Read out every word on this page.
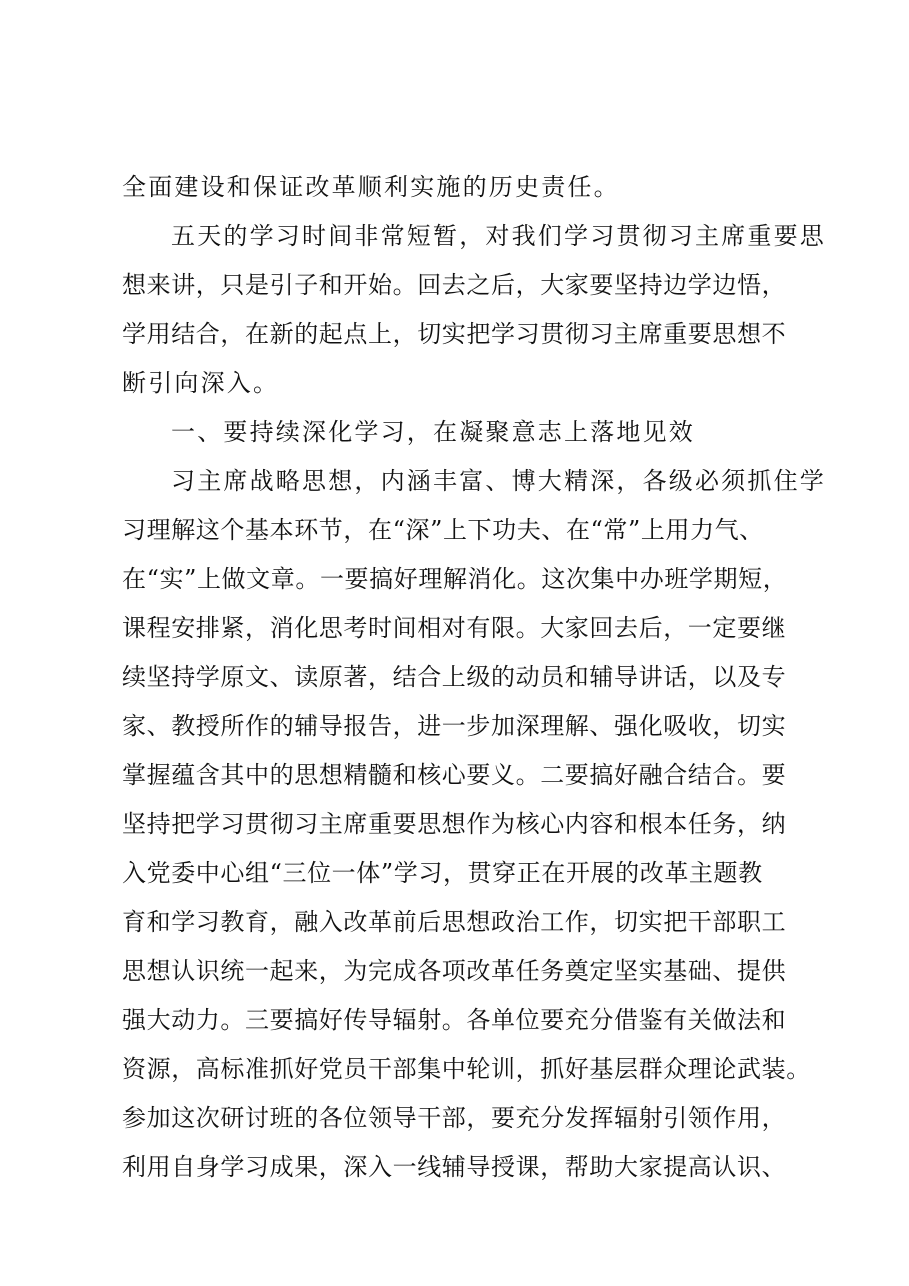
全面建设和保证改革顺利实施的历史责任。
五天的学习时间非常短暂，对我们学习贯彻习主席重要思
想来讲，只是引子和开始。回去之后，大家要坚持边学边悟，
学用结合，在新的起点上，切实把学习贯彻习主席重要思想不
断引向深入。
一、要持续深化学习，在凝聚意志上落地见效
习主席战略思想，内涵丰富、博大精深，各级必须抓住学
习理解这个基本环节，在“深”上下功夫、在“常”上用力气、
在“实”上做文章。一要搞好理解消化。这次集中办班学期短，
课程安排紧，消化思考时间相对有限。大家回去后，一定要继
续坚持学原文、读原著，结合上级的动员和辅导讲话，以及专
家、教授所作的辅导报告，进一步加深理解、强化吸收，切实
掌握蕴含其中的思想精髓和核心要义。二要搞好融合结合。要
坚持把学习贯彻习主席重要思想作为核心内容和根本任务，纳
入党委中心组“三位一体”学习，贯穿正在开展的改革主题教
育和学习教育，融入改革前后思想政治工作，切实把干部职工
思想认识统一起来，为完成各项改革任务奠定坚实基础、提供
强大动力。三要搞好传导辐射。各单位要充分借鉴有关做法和
资源，高标准抓好党员干部集中轮训，抓好基层群众理论武装。
参加这次研讨班的各位领导干部，要充分发挥辐射引领作用，
利用自身学习成果，深入一线辅导授课，帮助大家提高认识、
